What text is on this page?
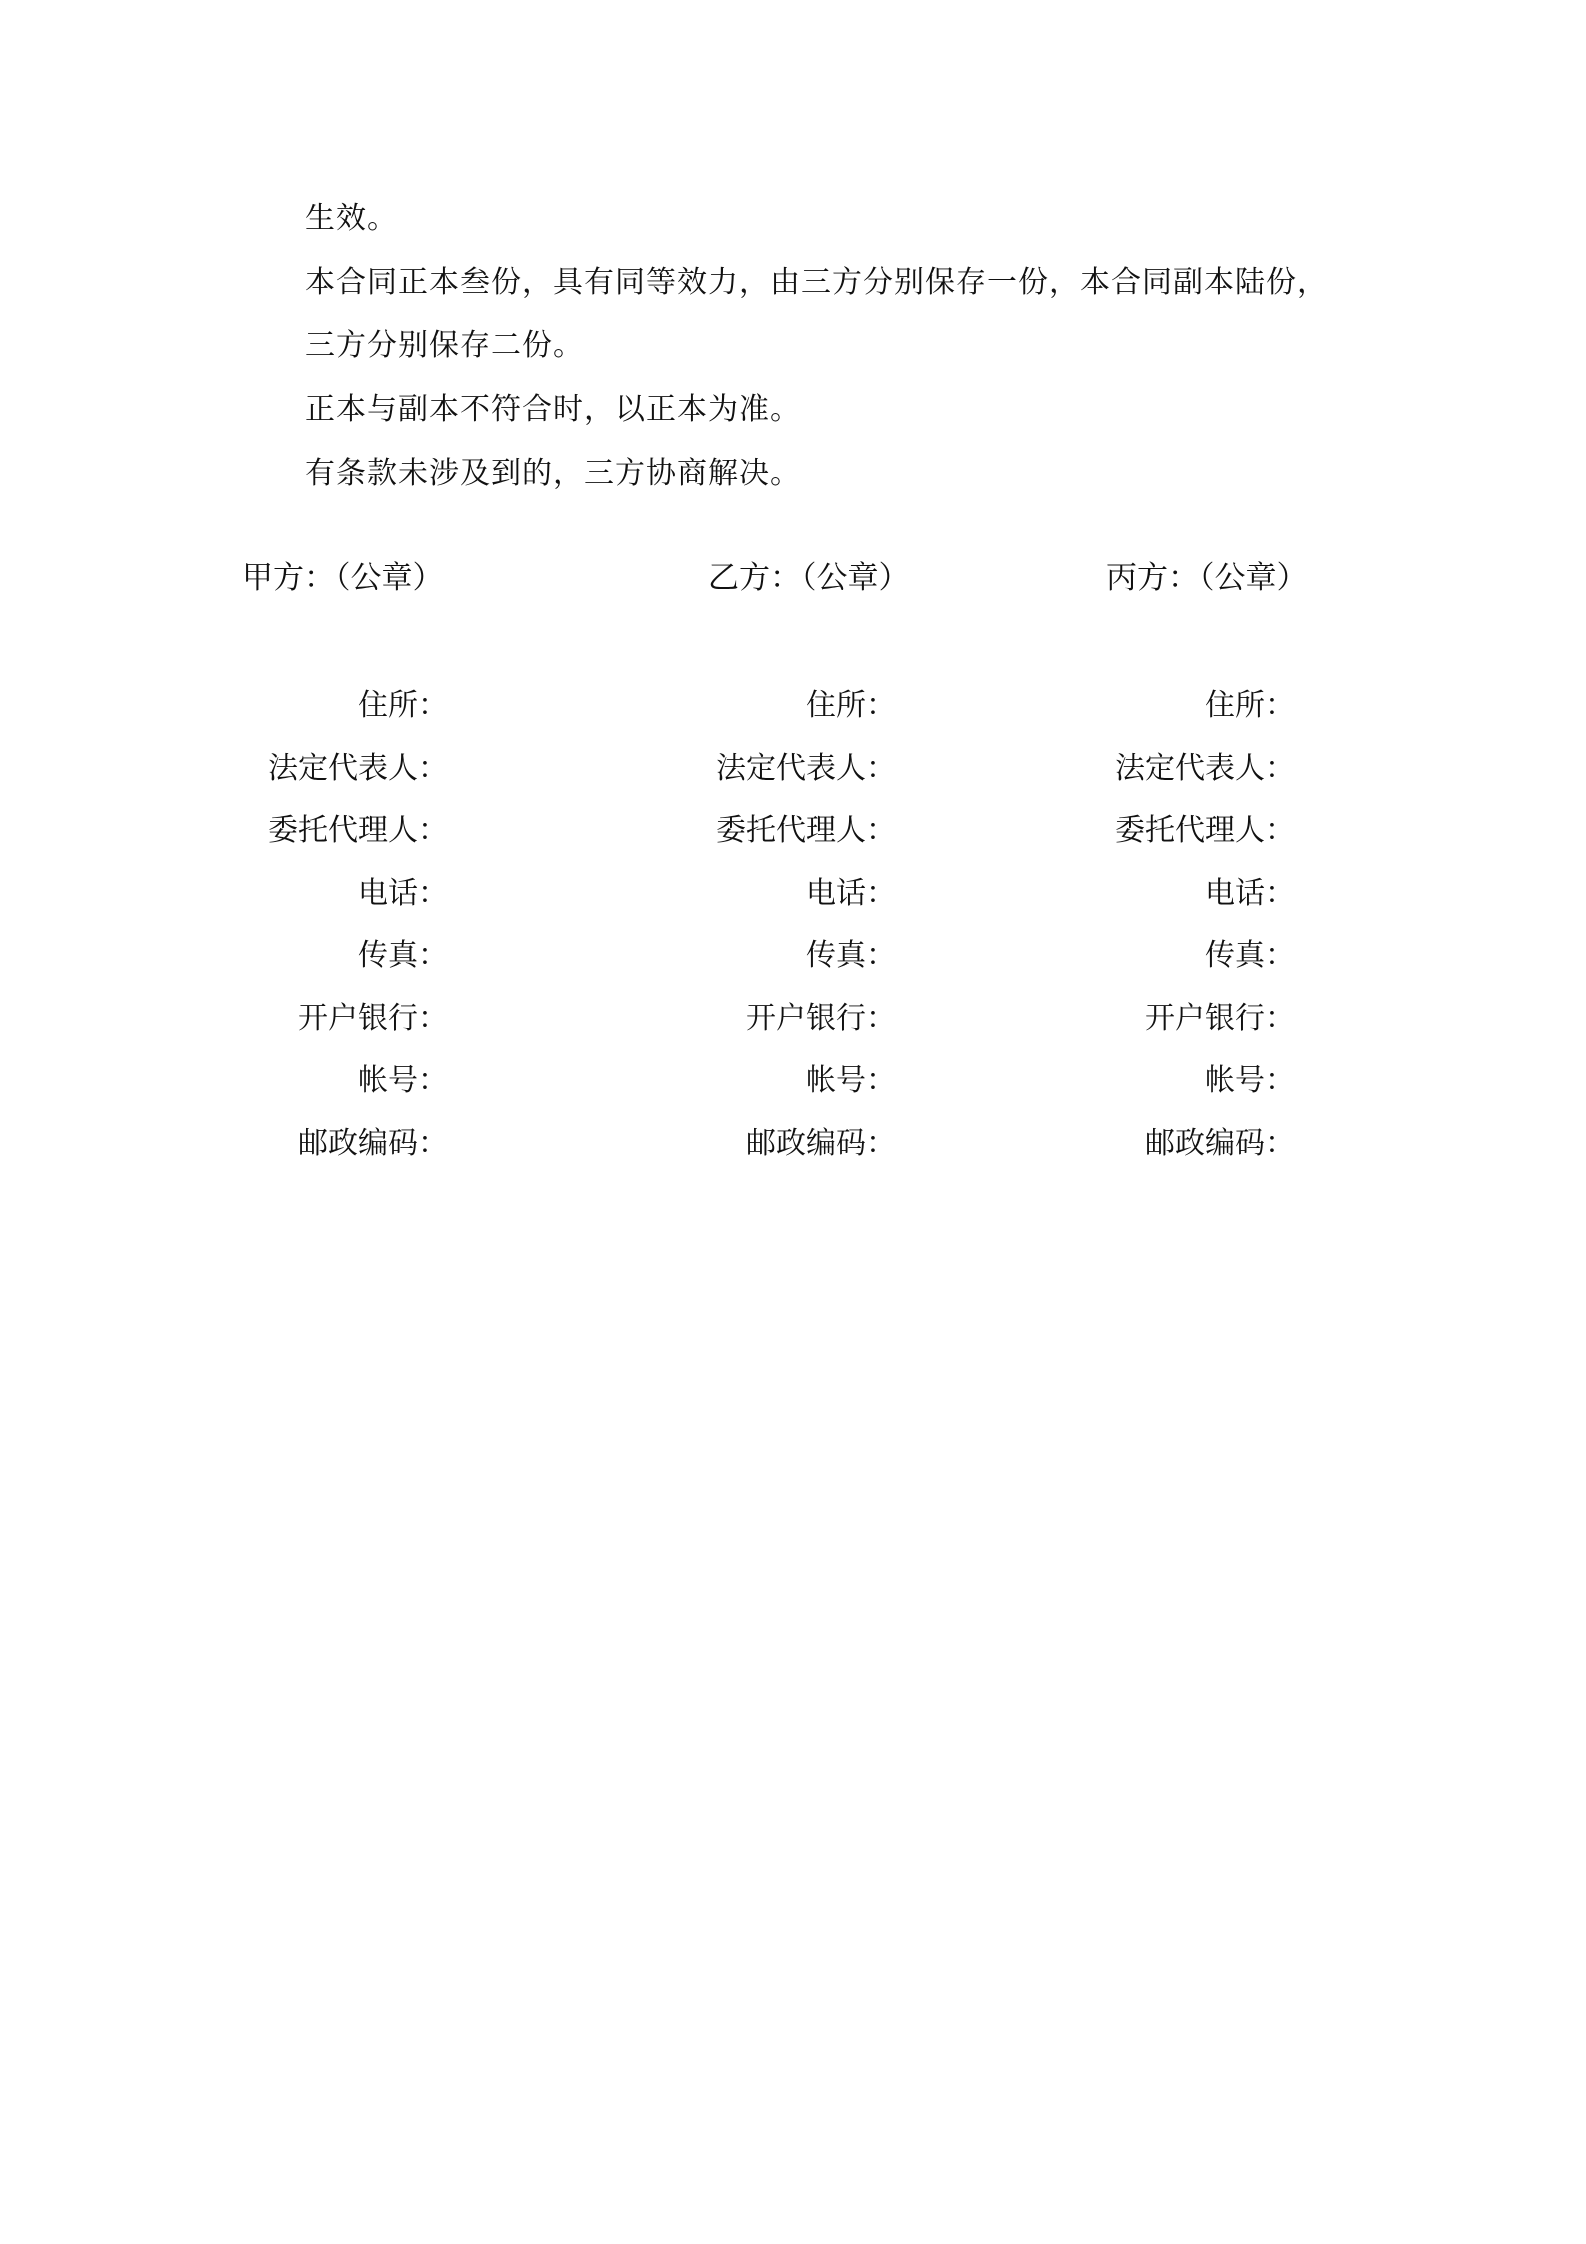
生效。
本合同正本叁份，具有同等效力，由三方分别保存一份，本合同副本陆份，
三方分别保存二份。
正本与副本不符合时，以正本为准。
有条款未涉及到的，三方协商解决。
甲方：（公章）	乙方：（公章）	丙方：（公章）
住所：
法定代表人：
委托代理人：
电话：
传真：
开户银行：
帐号：
邮政编码：
住所：
法定代表人：
委托代理人：
电话：
传真：
开户银行：
帐号：
邮政编码：
住所：
法定代表人：
委托代理人：
电话：
传真：
开户银行：
帐号：
邮政编码：
